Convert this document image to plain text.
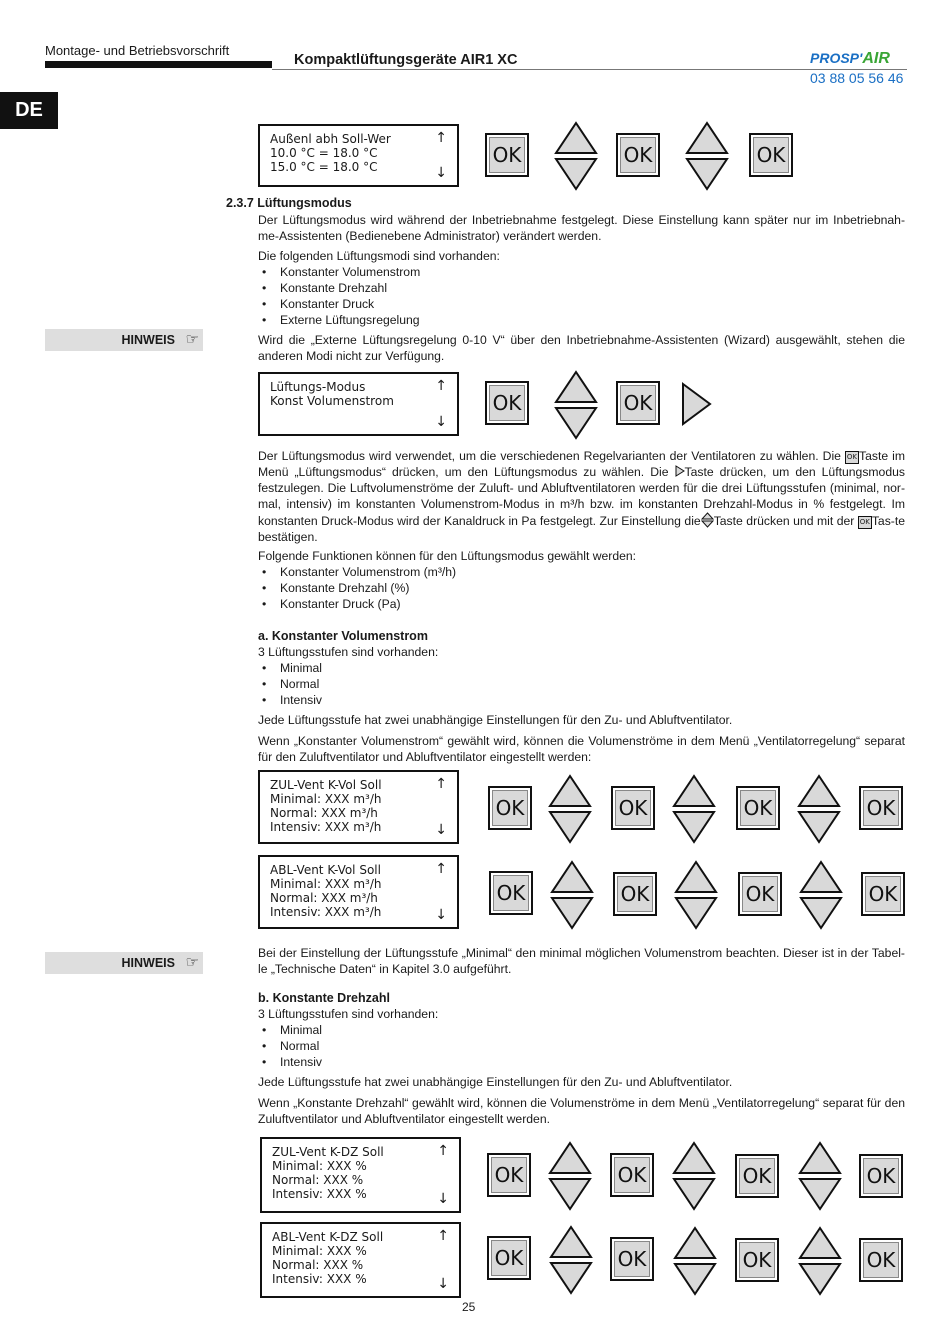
Montage- und Betriebsvorschrift
Kompaktlüftungsgeräte AIR1 XC	PROSP'AIR
03 88 05 56 46
DE
Außenl abh Soll-Wer
10.0 °C = 18.0 °C
15.0 °C = 18.0 °C
↑
↓
OK	OK	OK
2.3.7 Lüftungsmodus
Der Lüftungsmodus wird während der Inbetriebnahme festgelegt. Diese Einstellung kann später nur im Inbetriebnah-me-Assistenten (Bedienebene Administrator) verändert werden.
Die folgenden Lüftungsmodi sind vorhanden:
• Konstanter Volumenstrom
• Konstante Drehzahl
• Konstanter Druck
• Externe Lüftungsregelung
HINWEIS ☞	Wird die „Externe Lüftungsregelung 0-10 V“ über den Inbetriebnahme-Assistenten (Wizard) ausgewählt, stehen die anderen Modi nicht zur Verfügung.
Lüftungs-Modus
Konst Volumenstrom
↑
↓
OK	OK
Der Lüftungsmodus wird verwendet, um die verschiedenen Regelvarianten der Ventilatoren zu wählen. Die OK Taste im Menü „Lüftungsmodus“ drücken, um den Lüftungsmodus zu wählen. Die Taste drücken, um den Lüftungsmodus festzulegen. Die Luftvolumenströme der Zuluft- und Abluftventilatoren werden für die drei Lüftungsstufen (minimal, nor-mal, intensiv) im konstanten Volumenstrom-Modus in m³/h bzw. im konstanten Drehzahl-Modus in % festgelegt. Im konstanten Druck-Modus wird der Kanaldruck in Pa festgelegt. Zur Einstellung die Taste drücken und mit der OK Tas-te bestätigen.
Folgende Funktionen können für den Lüftungsmodus gewählt werden:
• Konstanter Volumenstrom (m³/h)
• Konstante Drehzahl (%)
• Konstanter Druck (Pa)
a. Konstanter Volumenstrom
3 Lüftungsstufen sind vorhanden:
• Minimal
• Normal
• Intensiv
Jede Lüftungsstufe hat zwei unabhängige Einstellungen für den Zu- und Abluftventilator.
Wenn „Konstanter Volumenstrom“ gewählt wird, können die Volumenströme in dem Menü „Ventilatorregelung“ separat für den Zuluftventilator und Abluftventilator eingestellt werden:
ZUL-Vent K-Vol Soll
Minimal: XXX m³/h
Normal: XXX m³/h
Intensiv: XXX m³/h
↑
↓
OK	OK	OK	OK
ABL-Vent K-Vol Soll
Minimal: XXX m³/h
Normal: XXX m³/h
Intensiv: XXX m³/h
↑
↓
OK	OK	OK	OK
HINWEIS ☞
Bei der Einstellung der Lüftungsstufe „Minimal“ den minimal möglichen Volumenstrom beachten. Dieser ist in der Tabel-le „Technische Daten“ in Kapitel 3.0 aufgeführt.
b. Konstante Drehzahl
3 Lüftungsstufen sind vorhanden:
• Minimal
• Normal
• Intensiv
Jede Lüftungsstufe hat zwei unabhängige Einstellungen für den Zu- und Abluftventilator.
Wenn „Konstante Drehzahl“ gewählt wird, können die Volumenströme in dem Menü „Ventilatorregelung“ separat für den Zuluftventilator und Abluftventilator eingestellt werden.
ZUL-Vent K-DZ Soll
Minimal: XXX %
Normal: XXX %
Intensiv: XXX %
↑
↓
OK	OK	OK	OK
ABL-Vent K-DZ Soll
Minimal: XXX %
Normal: XXX %
Intensiv: XXX %
↑
↓
OK	OK	OK	OK
25
